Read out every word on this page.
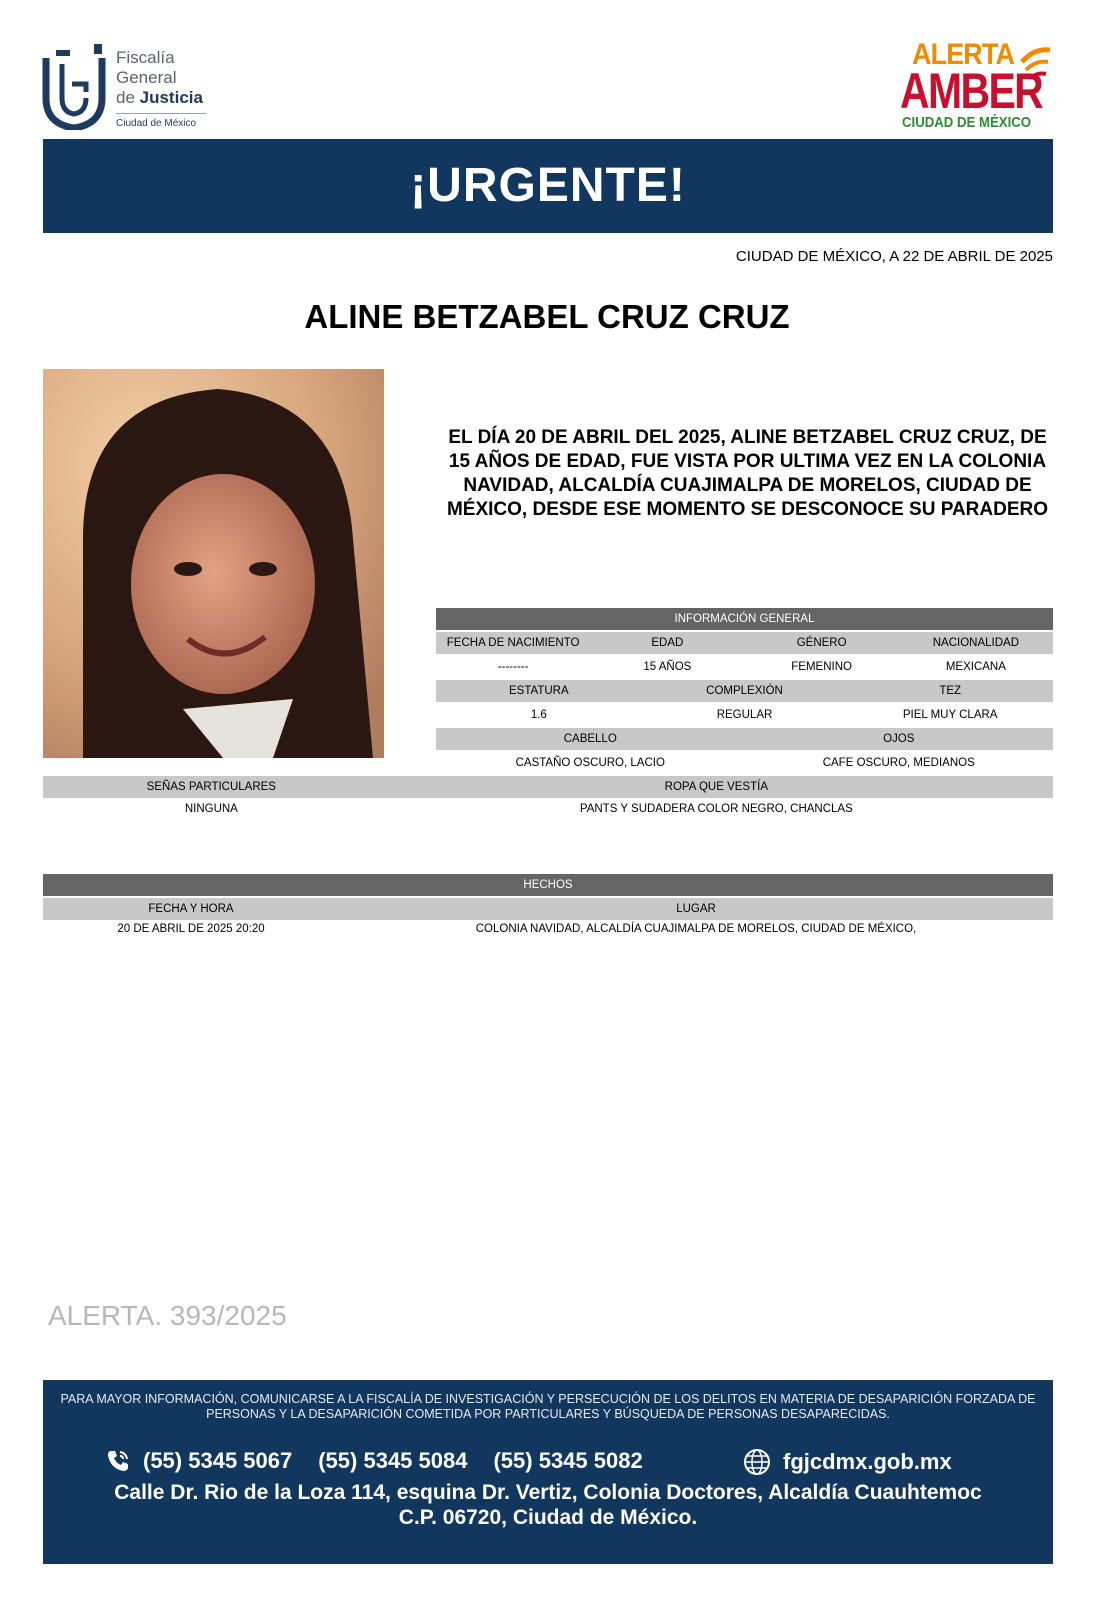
Fiscalía
General
de Justicia
Ciudad de México
ALERTA
AMBER
CIUDAD DE MÉXICO
¡URGENTE!
CIUDAD DE MÉXICO, A 22 DE ABRIL DE 2025
ALINE BETZABEL CRUZ CRUZ
EL DÍA 20 DE ABRIL DEL 2025, ALINE BETZABEL CRUZ CRUZ, DE 15 AÑOS DE EDAD, FUE VISTA POR ULTIMA VEZ EN LA COLONIA NAVIDAD, ALCALDÍA CUAJIMALPA DE MORELOS, CIUDAD DE MÉXICO, DESDE ESE MOMENTO SE DESCONOCE SU PARADERO
INFORMACIÓN GENERAL
FECHA DE NACIMIENTO	EDAD	GÉNERO	NACIONALIDAD
--------	15 AÑOS	FEMENINO	MEXICANA
ESTATURA	COMPLEXIÓN	TEZ
1.6	REGULAR	PIEL MUY CLARA
CABELLO	OJOS
CASTAÑO OSCURO, LACIO	CAFE OSCURO, MEDIANOS
SEÑAS PARTICULARES	ROPA QUE VESTÍA
NINGUNA	PANTS Y SUDADERA COLOR NEGRO, CHANCLAS
HECHOS
FECHA Y HORA	LUGAR
20 DE ABRIL DE 2025 20:20	COLONIA NAVIDAD, ALCALDÍA CUAJIMALPA DE MORELOS, CIUDAD DE MÉXICO,
ALERTA. 393/2025
PARA MAYOR INFORMACIÓN, COMUNICARSE A LA FISCALÍA DE INVESTIGACIÓN Y PERSECUCIÓN DE LOS DELITOS EN MATERIA DE DESAPARICIÓN FORZADA DE PERSONAS Y LA DESAPARICIÓN COMETIDA POR PARTICULARES Y BÚSQUEDA DE PERSONAS DESAPARECIDAS.
(55) 5345 5067 (55) 5345 5084 (55) 5345 5082	fgjcdmx.gob.mx
Calle Dr. Rio de la Loza 114, esquina Dr. Vertiz, Colonia Doctores, Alcaldía Cuauhtemoc
C.P. 06720, Ciudad de México.
